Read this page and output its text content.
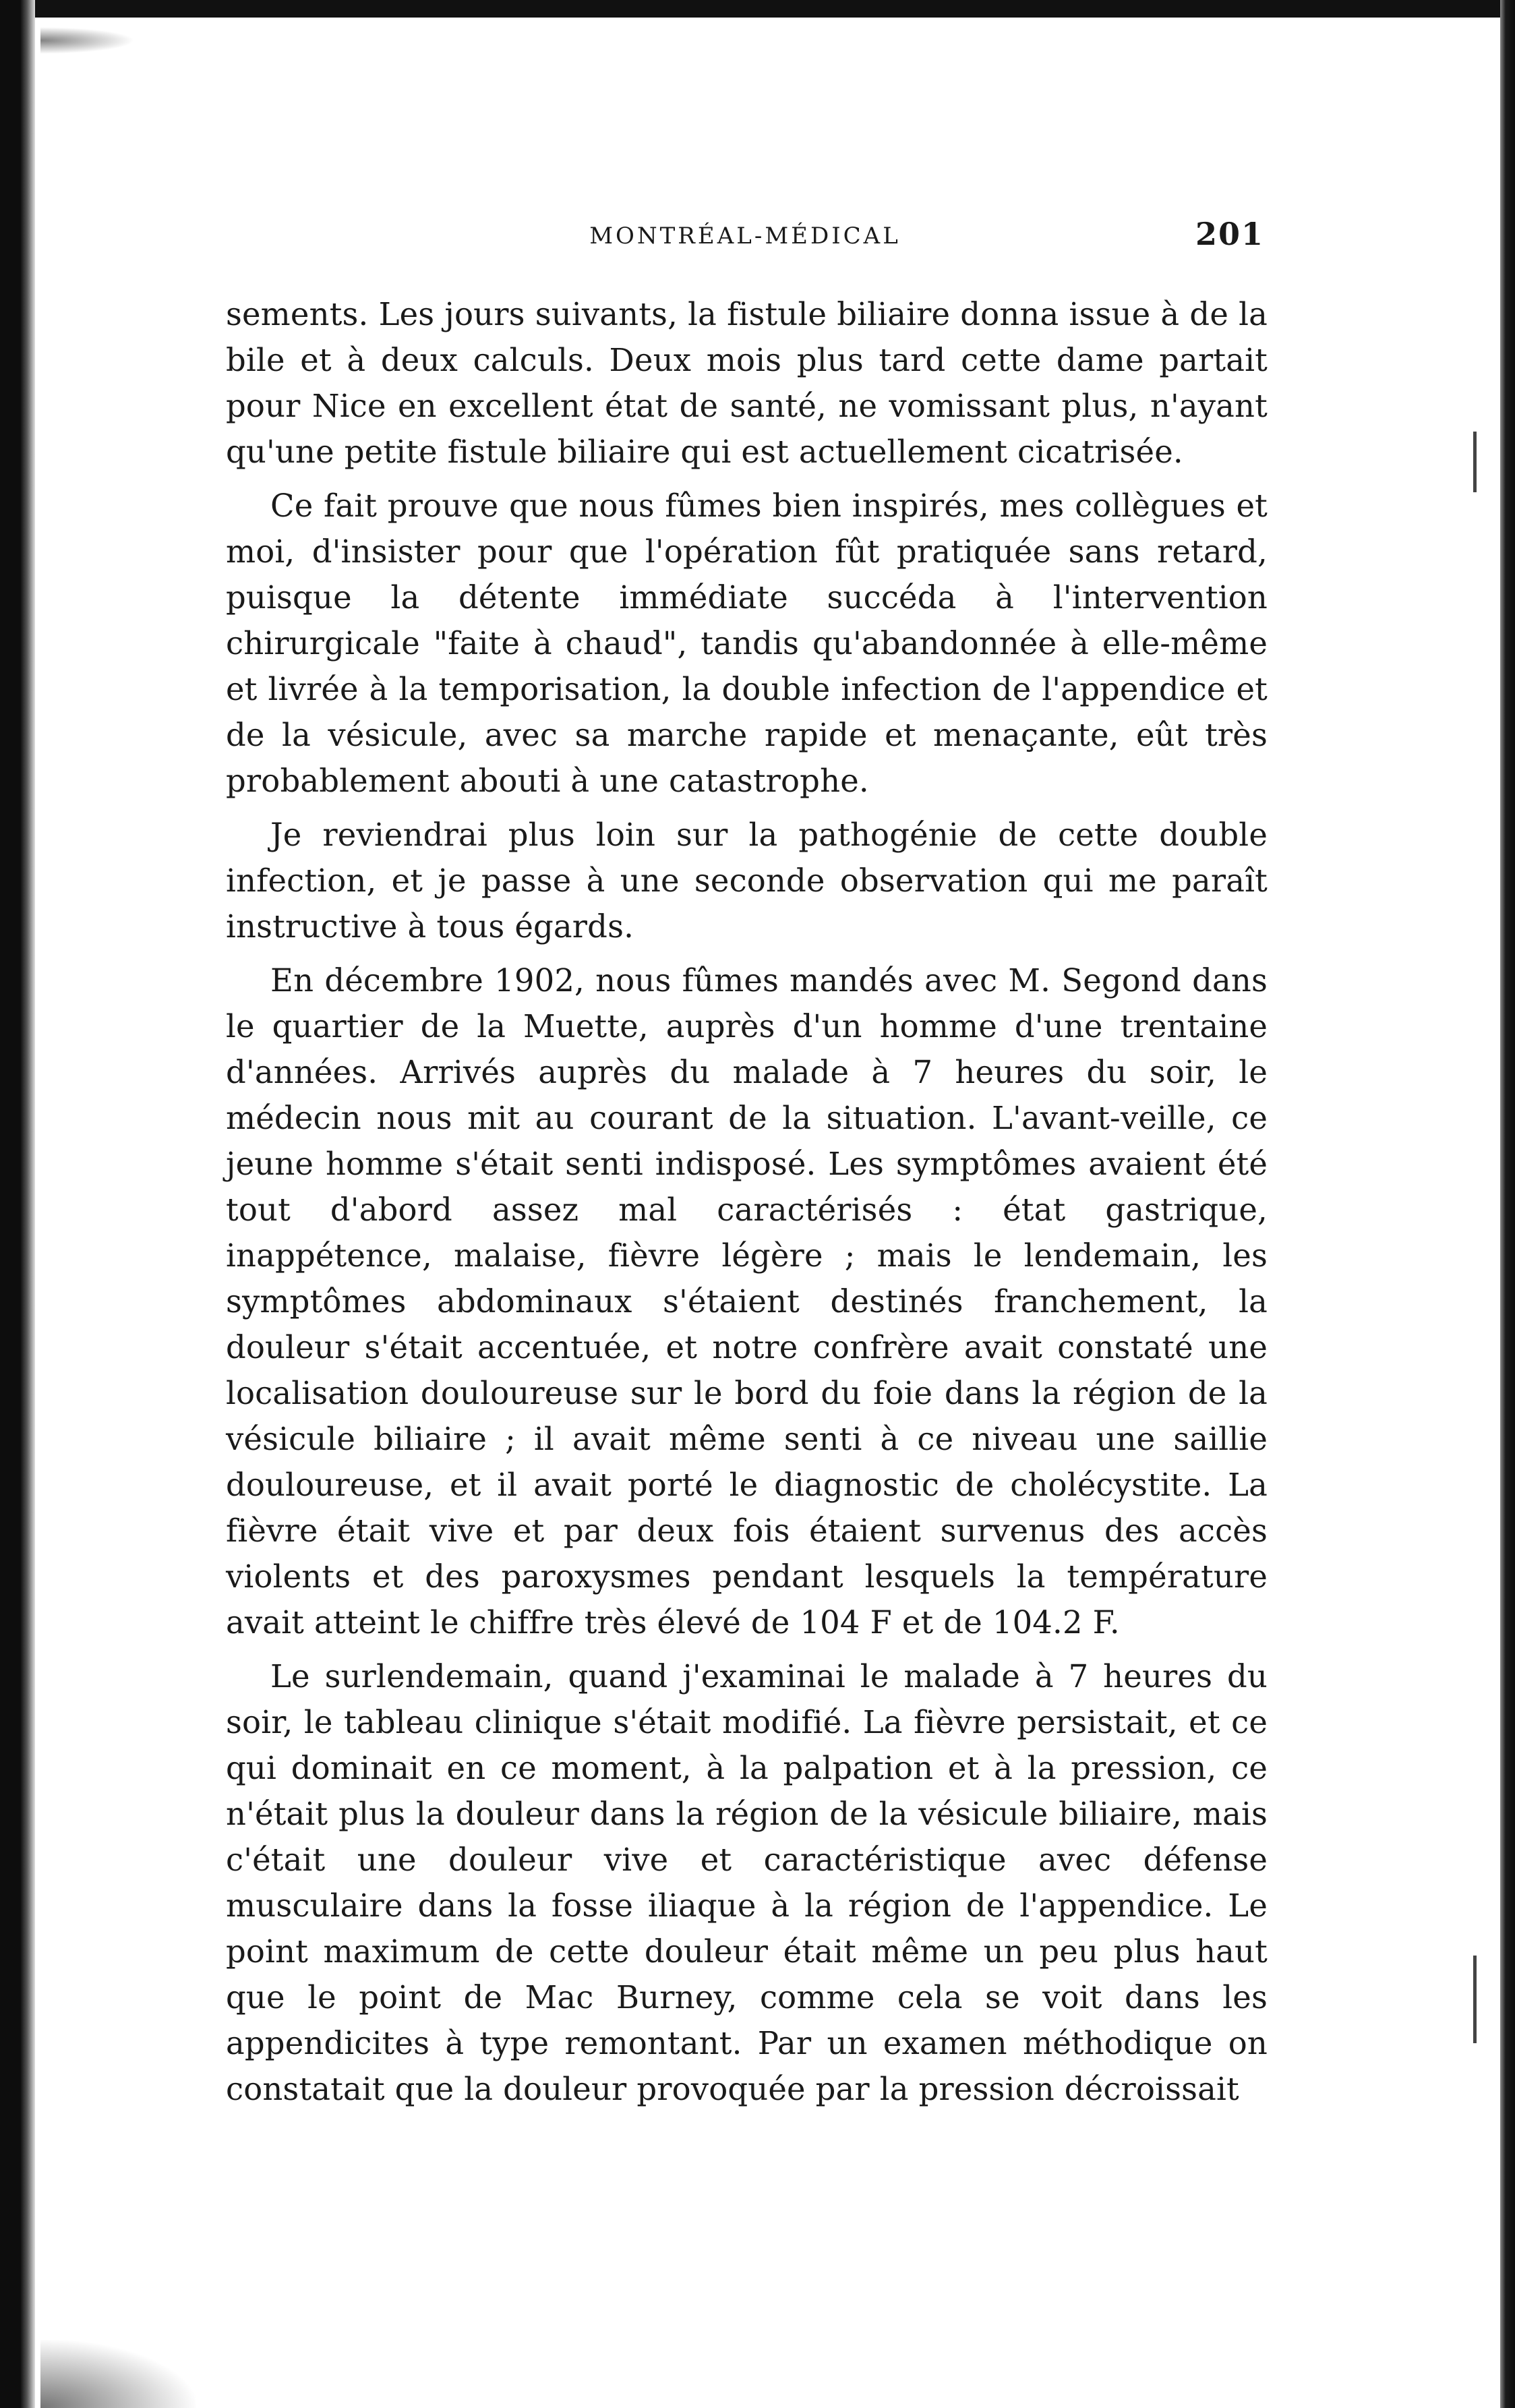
MONTRÉAL-MÉDICAL	201

sements. Les jours suivants, la fistule biliaire donna issue à de la bile et à deux calculs. Deux mois plus tard cette dame partait pour Nice en excellent état de santé, ne vomissant plus, n'ayant qu'une petite fistule biliaire qui est actuellement cicatrisée.

Ce fait prouve que nous fûmes bien inspirés, mes collègues et moi, d'insister pour que l'opération fût pratiquée sans retard, puisque la détente immédiate succéda à l'intervention chirurgicale "faite à chaud", tandis qu'abandonnée à elle-même et livrée à la temporisation, la double infection de l'appendice et de la vésicule, avec sa marche rapide et menaçante, eût très probablement abouti à une catastrophe.

Je reviendrai plus loin sur la pathogénie de cette double infection, et je passe à une seconde observation qui me paraît instructive à tous égards.

En décembre 1902, nous fûmes mandés avec M. Segond dans le quartier de la Muette, auprès d'un homme d'une trentaine d'années. Arrivés auprès du malade à 7 heures du soir, le médecin nous mit au courant de la situation. L'avant-veille, ce jeune homme s'était senti indisposé. Les symptômes avaient été tout d'abord assez mal caractérisés : état gastrique, inappétence, malaise, fièvre légère ; mais le lendemain, les symptômes abdominaux s'étaient destinés franchement, la douleur s'était accentuée, et notre confrère avait constaté une localisation douloureuse sur le bord du foie dans la région de la vésicule biliaire ; il avait même senti à ce niveau une saillie douloureuse, et il avait porté le diagnostic de cholécystite. La fièvre était vive et par deux fois étaient survenus des accès violents et des paroxysmes pendant lesquels la température avait atteint le chiffre très élevé de 104 F et de 104.2 F.

Le surlendemain, quand j'examinai le malade à 7 heures du soir, le tableau clinique s'était modifié. La fièvre persistait, et ce qui dominait en ce moment, à la palpation et à la pression, ce n'était plus la douleur dans la région de la vésicule biliaire, mais c'était une douleur vive et caractéristique avec défense musculaire dans la fosse iliaque à la région de l'appendice. Le point maximum de cette douleur était même un peu plus haut que le point de Mac Burney, comme cela se voit dans les appendicites à type remontant. Par un examen méthodique on constatait que la douleur provoquée par la pression décroissait
